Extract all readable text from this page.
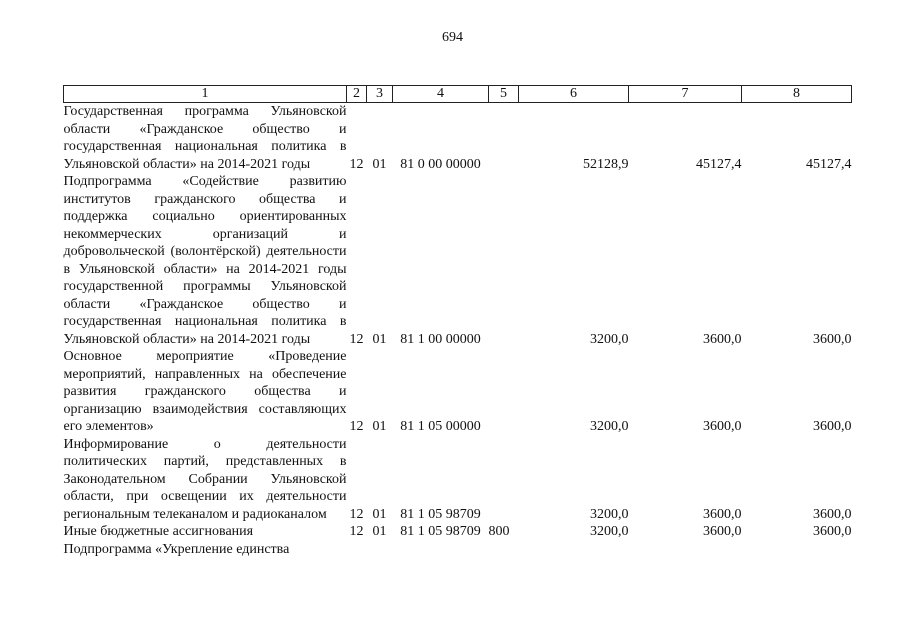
694
1	2	3	4	5	6	7	8
Государственная программа Ульяновской области «Гражданское общество и государственная национальная политика в Ульяновской области» на 2014-2021 годы	12	01	81 0 00 00000		52128,9	45127,4	45127,4
Подпрограмма «Содействие развитию институтов гражданского общества и поддержка социально ориентированных некоммерческих организаций и добровольческой (волонтёрской) деятельности в Ульяновской области» на 2014-2021 годы государственной программы Ульяновской области «Гражданское общество и государственная национальная политика в Ульяновской области» на 2014-2021 годы	12	01	81 1 00 00000		3200,0	3600,0	3600,0
Основное мероприятие «Проведение мероприятий, направленных на обеспечение развития гражданского общества и организацию взаимодействия составляющих его элементов»	12	01	81 1 05 00000		3200,0	3600,0	3600,0
Информирование о деятельности политических партий, представленных в Законодательном Собрании Ульяновской области, при освещении их деятельности региональным телеканалом и радиоканалом	12	01	81 1 05 98709		3200,0	3600,0	3600,0
Иные бюджетные ассигнования	12	01	81 1 05 98709	800	3200,0	3600,0	3600,0
Подпрограмма «Укрепление единства							
